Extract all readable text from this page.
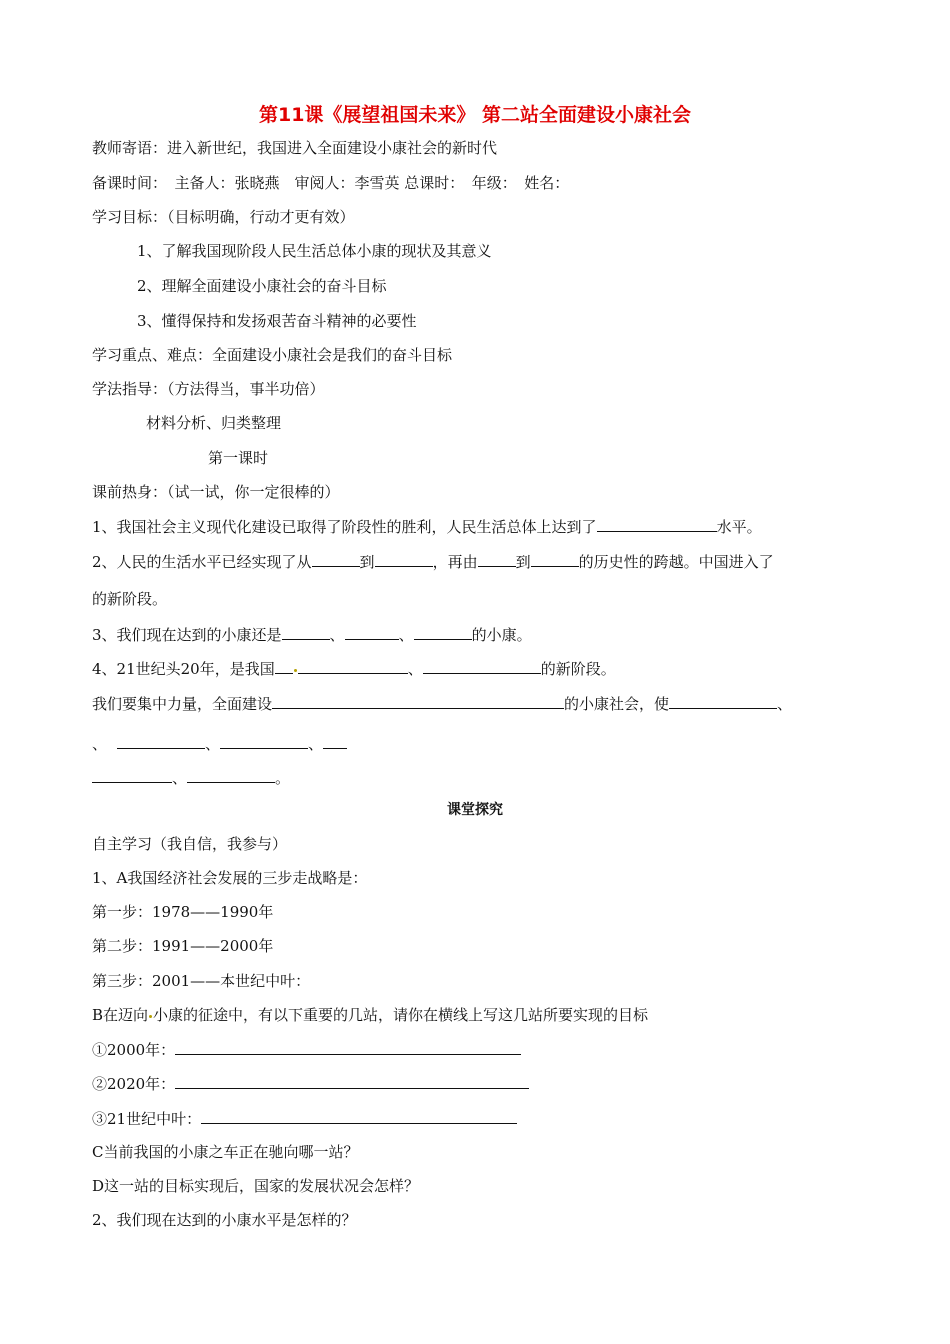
第11课《展望祖国未来》 第二站全面建设小康社会
教师寄语：进入新世纪，我国进入全面建设小康社会的新时代
备课时间：　主备人：张晓燕　审阅人：李雪英 总课时：　年级：　姓名：
学习目标：（目标明确，行动才更有效）
1、了解我国现阶段人民生活总体小康的现状及其意义
2、理解全面建设小康社会的奋斗目标
3、懂得保持和发扬艰苦奋斗精神的必要性
学习重点、难点：全面建设小康社会是我们的奋斗目标
学法指导：（方法得当，事半功倍）
材料分析、归类整理
第一课时
课前热身：（试一试，你一定很棒的）
1、我国社会主义现代化建设已取得了阶段性的胜利，人民生活总体上达到了	水平。
2、人民的生活水平已经实现了从	到	，再由	到	的历史性的跨越。中国进入了
的新阶段。
3、我们现在达到的小康还是	、	、	的小康。
4、21世纪头20年，是我国	、	的新阶段。
我们要集中力量，全面建设	的小康社会，使	、
、	、	、
、	。
课堂探究
自主学习（我自信，我参与）
1、A我国经济社会发展的三步走战略是：
第一步：1978——1990年
第二步：1991——2000年
第三步：2001——本世纪中叶：
B在迈向 小康的征途中，有以下重要的几站，请你在横线上写这几站所要实现的目标
①2000年：
②2020年：
③21世纪中叶：
C当前我国的小康之车正在驰向哪一站？
D这一站的目标实现后，国家的发展状况会怎样？
2、我们现在达到的小康水平是怎样的？
